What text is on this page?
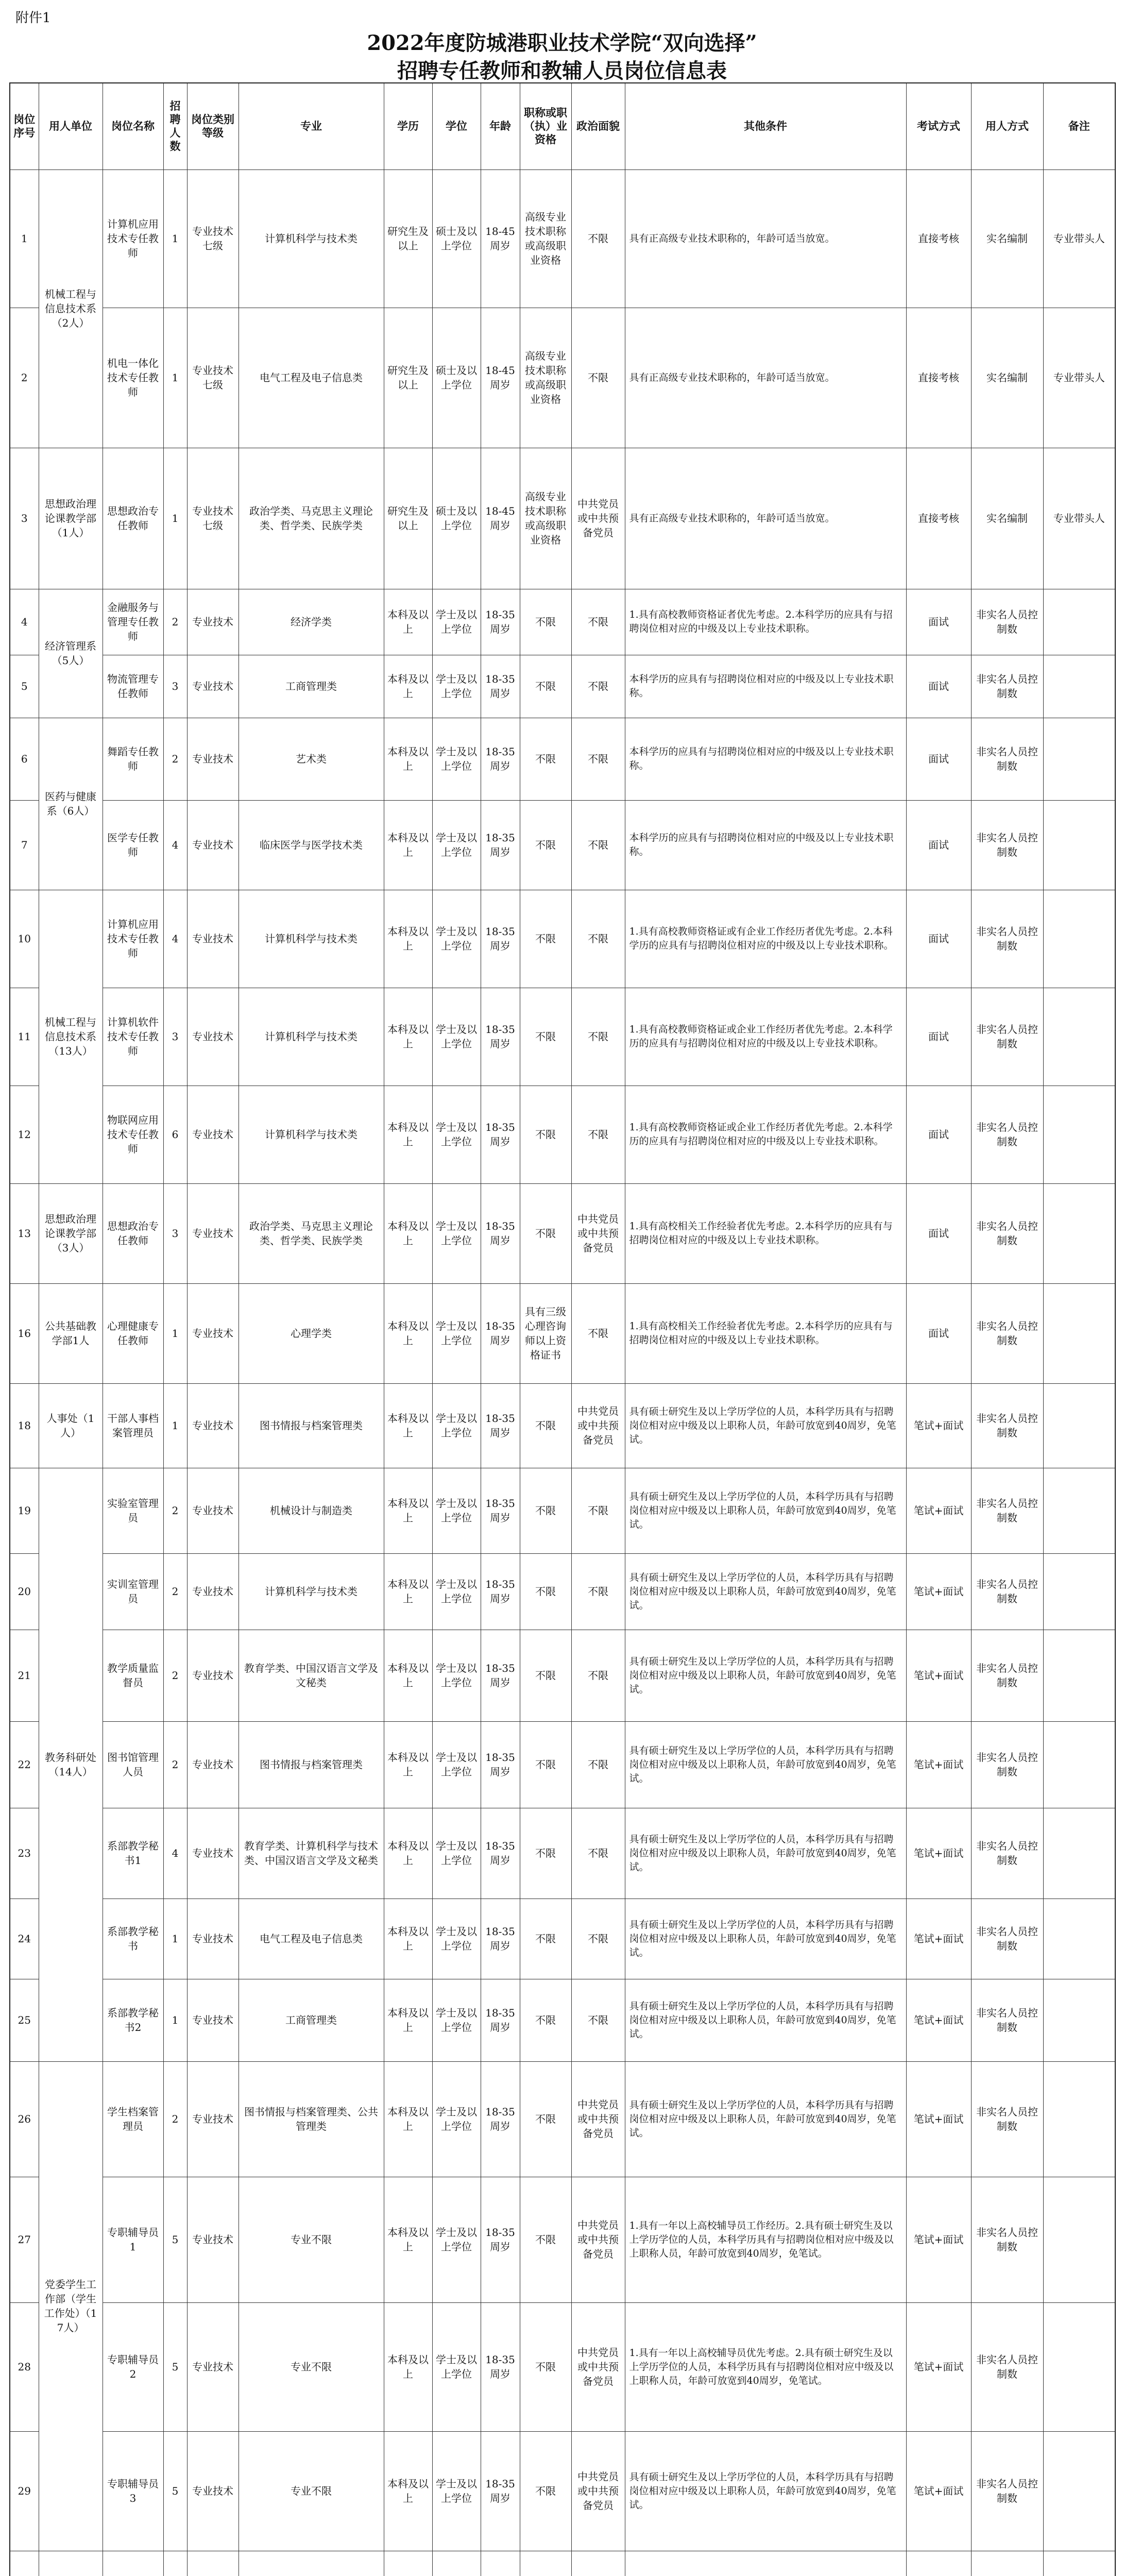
附件1
2022年度防城港职业技术学院“双向选择”
招聘专任教师和教辅人员岗位信息表
岗位序号	用人单位	岗位名称	招聘人数	岗位类别等级	专业	学历	学位	年龄	职称或职（执）业资格	政治面貌	其他条件	考试方式	用人方式	备注
1	机械工程与信息技术系（2人）	计算机应用技术专任教师	1	专业技术七级	计算机科学与技术类	研究生及以上	硕士及以上学位	18-45周岁	高级专业技术职称或高级职业资格	不限	具有正高级专业技术职称的，年龄可适当放宽。	直接考核	实名编制	专业带头人
2		机电一体化技术专任教师	1	专业技术七级	电气工程及电子信息类	研究生及以上	硕士及以上学位	18-45周岁	高级专业技术职称或高级职业资格	不限	具有正高级专业技术职称的，年龄可适当放宽。	直接考核	实名编制	专业带头人
3	思想政治理论课教学部（1人）	思想政治专任教师	1	专业技术七级	政治学类、马克思主义理论类、哲学类、民族学类	研究生及以上	硕士及以上学位	18-45周岁	高级专业技术职称或高级职业资格	中共党员或中共预备党员	具有正高级专业技术职称的，年龄可适当放宽。	直接考核	实名编制	专业带头人
4	经济管理系（5人）	金融服务与管理专任教师	2	专业技术	经济学类	本科及以上	学士及以上学位	18-35周岁	不限	不限	1.具有高校教师资格证者优先考虑。2.本科学历的应具有与招聘岗位相对应的中级及以上专业技术职称。	面试	非实名人员控制数	
5		物流管理专任教师	3	专业技术	工商管理类	本科及以上	学士及以上学位	18-35周岁	不限	不限	本科学历的应具有与招聘岗位相对应的中级及以上专业技术职称。	面试	非实名人员控制数	
6	医药与健康系（6人）	舞蹈专任教师	2	专业技术	艺术类	本科及以上	学士及以上学位	18-35周岁	不限	不限	本科学历的应具有与招聘岗位相对应的中级及以上专业技术职称。	面试	非实名人员控制数	
7		医学专任教师	4	专业技术	临床医学与医学技术类	本科及以上	学士及以上学位	18-35周岁	不限	不限	本科学历的应具有与招聘岗位相对应的中级及以上专业技术职称。	面试	非实名人员控制数	
10	机械工程与信息技术系（13人）	计算机应用技术专任教师	4	专业技术	计算机科学与技术类	本科及以上	学士及以上学位	18-35周岁	不限	不限	1.具有高校教师资格证或有企业工作经历者优先考虑。2.本科学历的应具有与招聘岗位相对应的中级及以上专业技术职称。	面试	非实名人员控制数	
11		计算机软件技术专任教师	3	专业技术	计算机科学与技术类	本科及以上	学士及以上学位	18-35周岁	不限	不限	1.具有高校教师资格证或企业工作经历者优先考虑。2.本科学历的应具有与招聘岗位相对应的中级及以上专业技术职称。	面试	非实名人员控制数	
12		物联网应用技术专任教师	6	专业技术	计算机科学与技术类	本科及以上	学士及以上学位	18-35周岁	不限	不限	1.具有高校教师资格证或企业工作经历者优先考虑。2.本科学历的应具有与招聘岗位相对应的中级及以上专业技术职称。	面试	非实名人员控制数	
13	思想政治理论课教学部（3人）	思想政治专任教师	3	专业技术	政治学类、马克思主义理论类、哲学类、民族学类	本科及以上	学士及以上学位	18-35周岁	不限	中共党员或中共预备党员	1.具有高校相关工作经验者优先考虑。2.本科学历的应具有与招聘岗位相对应的中级及以上专业技术职称。	面试	非实名人员控制数	
16	公共基础教学部1人	心理健康专任教师	1	专业技术	心理学类	本科及以上	学士及以上学位	18-35周岁	具有三级心理咨询师以上资格证书	不限	1.具有高校相关工作经验者优先考虑。2.本科学历的应具有与招聘岗位相对应的中级及以上专业技术职称。	面试	非实名人员控制数	
18	人事处（1人）	干部人事档案管理员	1	专业技术	图书情报与档案管理类	本科及以上	学士及以上学位	18-35周岁	不限	中共党员或中共预备党员	具有硕士研究生及以上学历学位的人员，本科学历具有与招聘岗位相对应中级及以上职称人员，年龄可放宽到40周岁，免笔试。	笔试+面试	非实名人员控制数	
19	教务科研处（14人）	实验室管理员	2	专业技术	机械设计与制造类	本科及以上	学士及以上学位	18-35周岁	不限	不限	具有硕士研究生及以上学历学位的人员，本科学历具有与招聘岗位相对应中级及以上职称人员，年龄可放宽到40周岁，免笔试。	笔试+面试	非实名人员控制数	
20		实训室管理员	2	专业技术	计算机科学与技术类	本科及以上	学士及以上学位	18-35周岁	不限	不限	具有硕士研究生及以上学历学位的人员，本科学历具有与招聘岗位相对应中级及以上职称人员，年龄可放宽到40周岁，免笔试。	笔试+面试	非实名人员控制数	
21		教学质量监督员	2	专业技术	教育学类、中国汉语言文学及文秘类	本科及以上	学士及以上学位	18-35周岁	不限	不限	具有硕士研究生及以上学历学位的人员，本科学历具有与招聘岗位相对应中级及以上职称人员，年龄可放宽到40周岁，免笔试。	笔试+面试	非实名人员控制数	
22		图书馆管理人员	2	专业技术	图书情报与档案管理类	本科及以上	学士及以上学位	18-35周岁	不限	不限	具有硕士研究生及以上学历学位的人员，本科学历具有与招聘岗位相对应中级及以上职称人员，年龄可放宽到40周岁，免笔试。	笔试+面试	非实名人员控制数	
23		系部教学秘书1	4	专业技术	教育学类、计算机科学与技术类、中国汉语言文学及文秘类	本科及以上	学士及以上学位	18-35周岁	不限	不限	具有硕士研究生及以上学历学位的人员，本科学历具有与招聘岗位相对应中级及以上职称人员，年龄可放宽到40周岁，免笔试。	笔试+面试	非实名人员控制数	
24		系部教学秘书	1	专业技术	电气工程及电子信息类	本科及以上	学士及以上学位	18-35周岁	不限	不限	具有硕士研究生及以上学历学位的人员，本科学历具有与招聘岗位相对应中级及以上职称人员，年龄可放宽到40周岁，免笔试。	笔试+面试	非实名人员控制数	
25		系部教学秘书2	1	专业技术	工商管理类	本科及以上	学士及以上学位	18-35周岁	不限	不限	具有硕士研究生及以上学历学位的人员，本科学历具有与招聘岗位相对应中级及以上职称人员，年龄可放宽到40周岁，免笔试。	笔试+面试	非实名人员控制数	
26	党委学生工作部（学生工作处）（17人）	学生档案管理员	2	专业技术	图书情报与档案管理类、公共管理类	本科及以上	学士及以上学位	18-35周岁	不限	中共党员或中共预备党员	具有硕士研究生及以上学历学位的人员，本科学历具有与招聘岗位相对应中级及以上职称人员，年龄可放宽到40周岁，免笔试。	笔试+面试	非实名人员控制数	
27		专职辅导员1	5	专业技术	专业不限	本科及以上	学士及以上学位	18-35周岁	不限	中共党员或中共预备党员	1.具有一年以上高校辅导员工作经历。2.具有硕士研究生及以上学历学位的人员，本科学历具有与招聘岗位相对应中级及以上职称人员，年龄可放宽到40周岁，免笔试。	笔试+面试	非实名人员控制数	
28		专职辅导员2	5	专业技术	专业不限	本科及以上	学士及以上学位	18-35周岁	不限	中共党员或中共预备党员	1.具有一年以上高校辅导员优先考虑。2.具有硕士研究生及以上学历学位的人员，本科学历具有与招聘岗位相对应中级及以上职称人员，年龄可放宽到40周岁，免笔试。	笔试+面试	非实名人员控制数	
29		专职辅导员3	5	专业技术	专业不限	本科及以上	学士及以上学位	18-35周岁	不限	中共党员或中共预备党员	具有硕士研究生及以上学历学位的人员，本科学历具有与招聘岗位相对应中级及以上职称人员，年龄可放宽到40周岁，免笔试。	笔试+面试	非实名人员控制数	
